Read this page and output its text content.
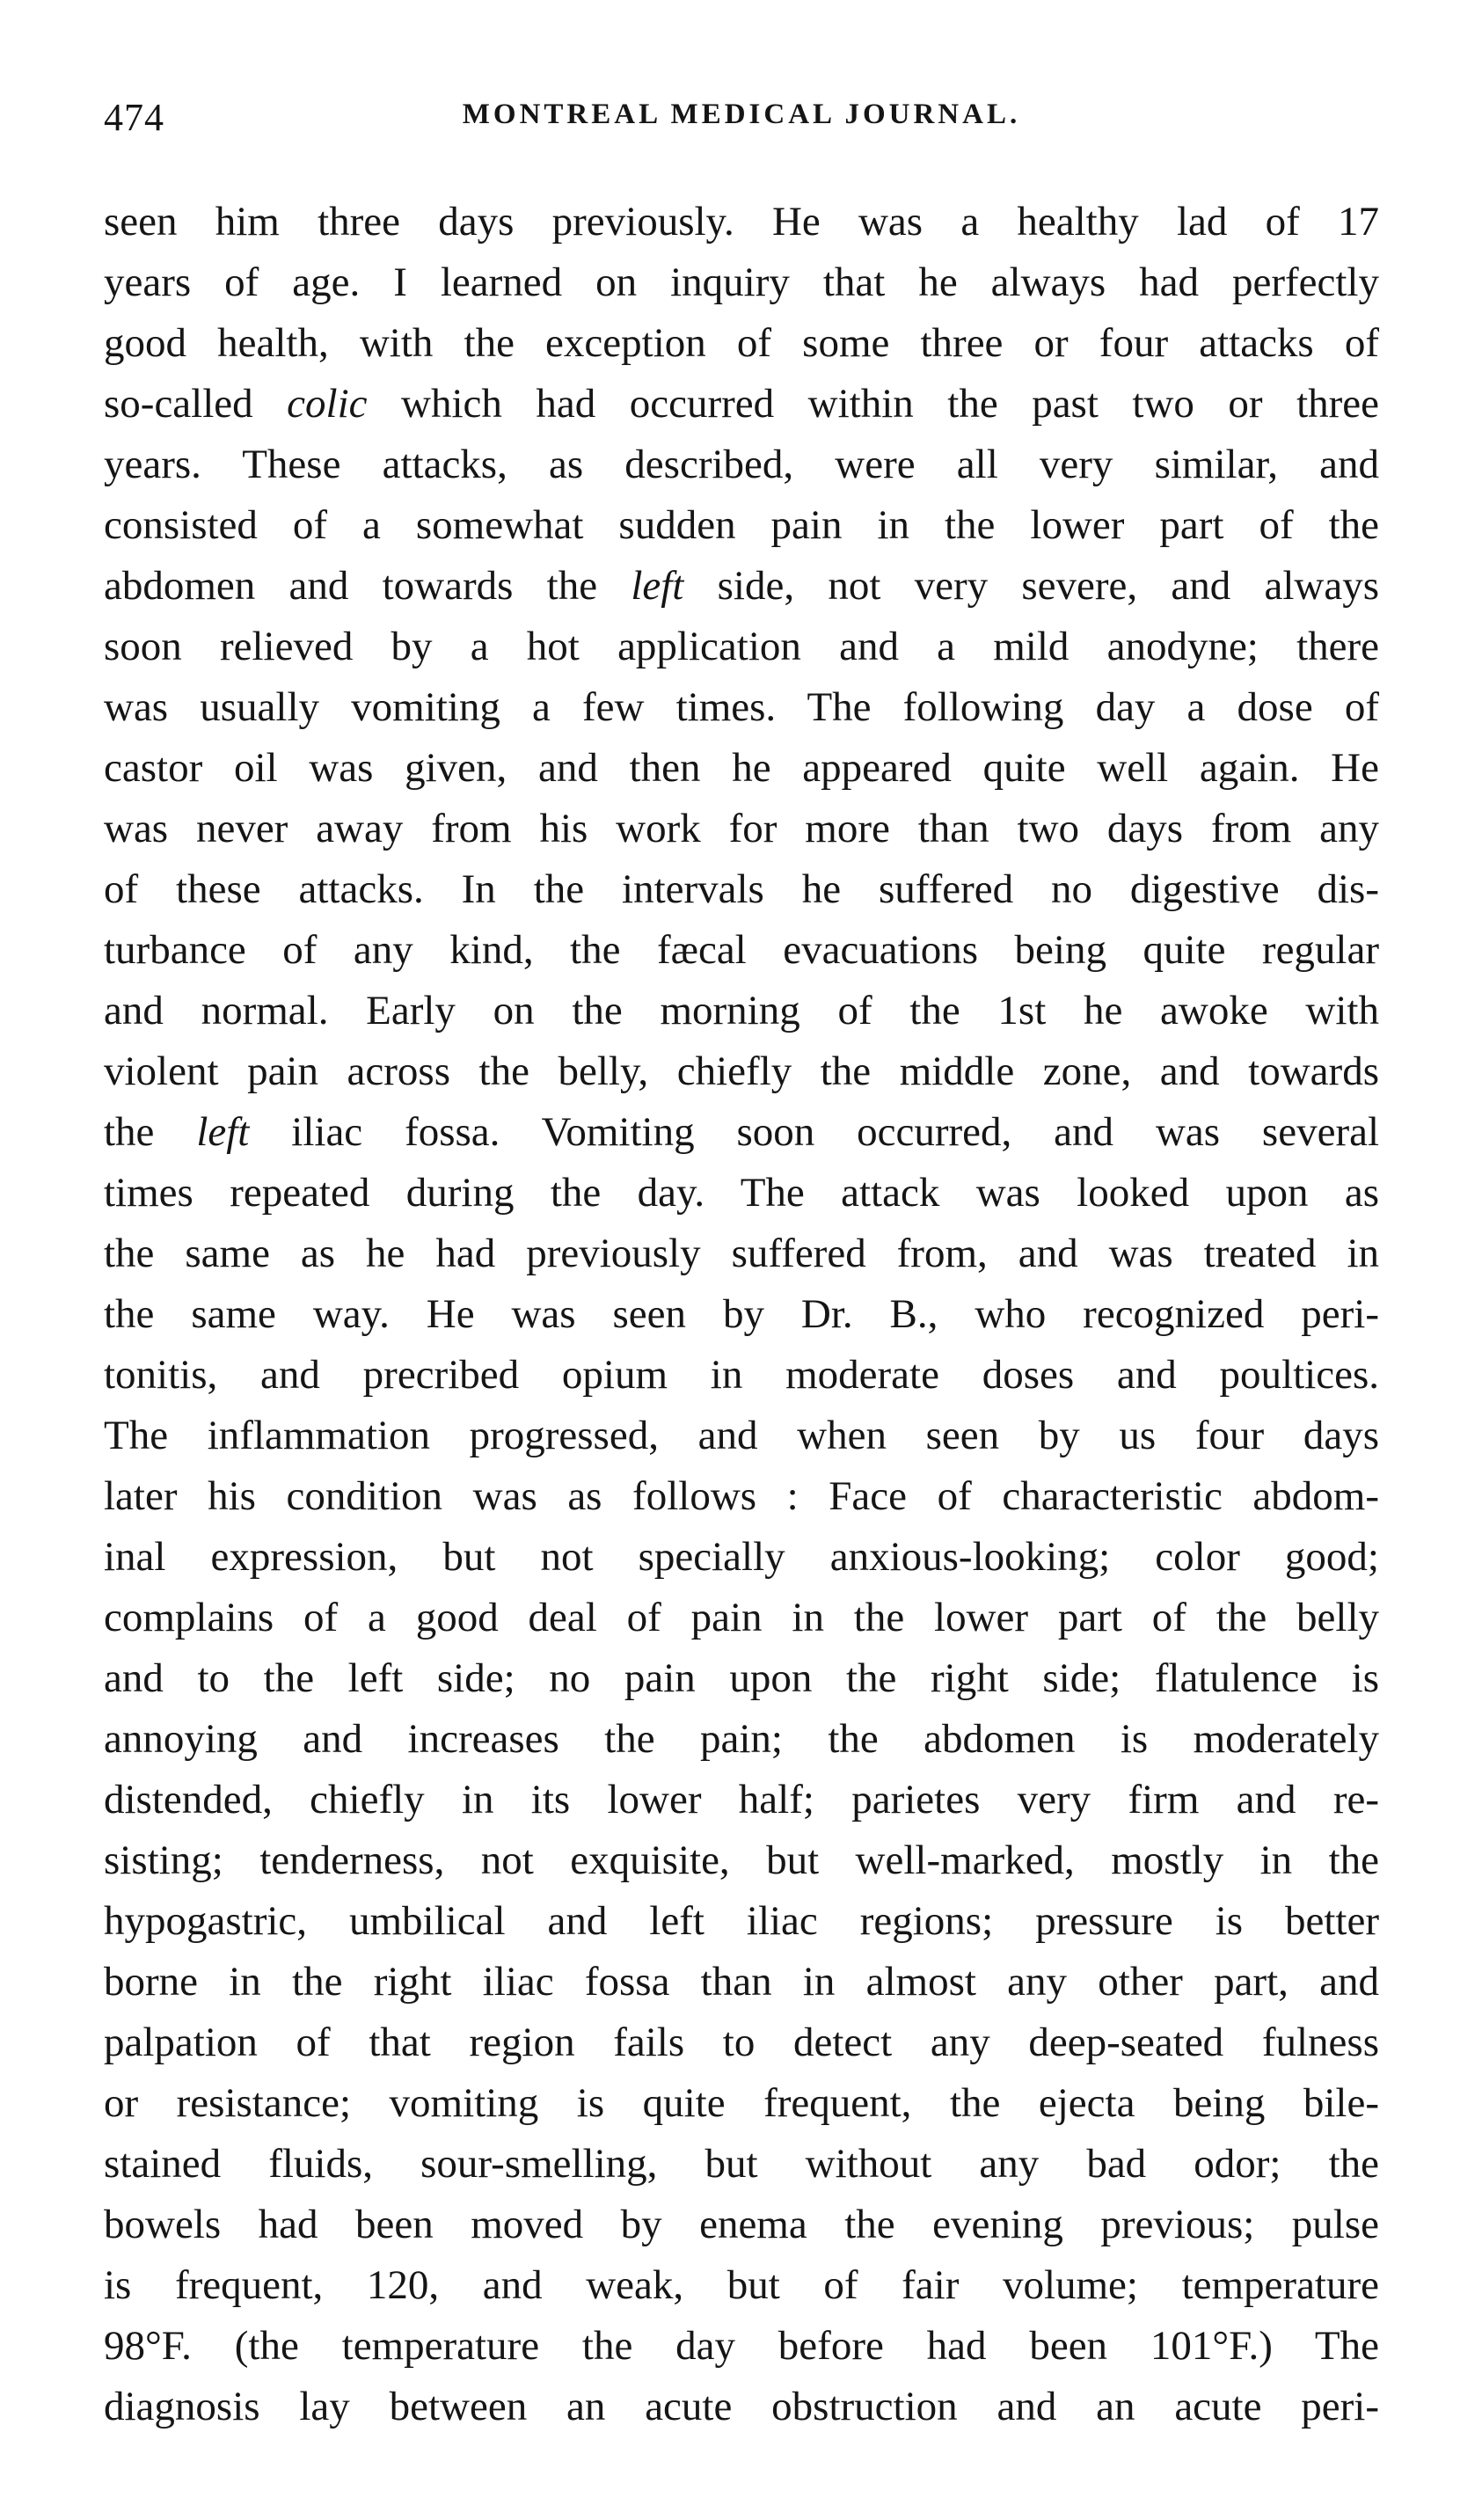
474	MONTREAL MEDICAL JOURNAL.
seen him three days previously. He was a healthy lad of 17
years of age. I learned on inquiry that he always had perfectly
good health, with the exception of some three or four attacks of
so-called colic which had occurred within the past two or three
years. These attacks, as described, were all very similar, and
consisted of a somewhat sudden pain in the lower part of the
abdomen and towards the left side, not very severe, and always
soon relieved by a hot application and a mild anodyne; there
was usually vomiting a few times. The following day a dose of
castor oil was given, and then he appeared quite well again. He
was never away from his work for more than two days from any
of these attacks. In the intervals he suffered no digestive dis-
turbance of any kind, the fæcal evacuations being quite regular
and normal. Early on the morning of the 1st he awoke with
violent pain across the belly, chiefly the middle zone, and towards
the left iliac fossa. Vomiting soon occurred, and was several
times repeated during the day. The attack was looked upon as
the same as he had previously suffered from, and was treated in
the same way. He was seen by Dr. B., who recognized peri-
tonitis, and precribed opium in moderate doses and poultices.
The inflammation progressed, and when seen by us four days
later his condition was as follows : Face of characteristic abdom-
inal expression, but not specially anxious-looking; color good;
complains of a good deal of pain in the lower part of the belly
and to the left side; no pain upon the right side; flatulence is
annoying and increases the pain; the abdomen is moderately
distended, chiefly in its lower half; parietes very firm and re-
sisting; tenderness, not exquisite, but well-marked, mostly in the
hypogastric, umbilical and left iliac regions; pressure is better
borne in the right iliac fossa than in almost any other part, and
palpation of that region fails to detect any deep-seated fulness
or resistance; vomiting is quite frequent, the ejecta being bile-
stained fluids, sour-smelling, but without any bad odor; the
bowels had been moved by enema the evening previous; pulse
is frequent, 120, and weak, but of fair volume; temperature
98°F. (the temperature the day before had been 101°F.) The
diagnosis lay between an acute obstruction and an acute peri-
